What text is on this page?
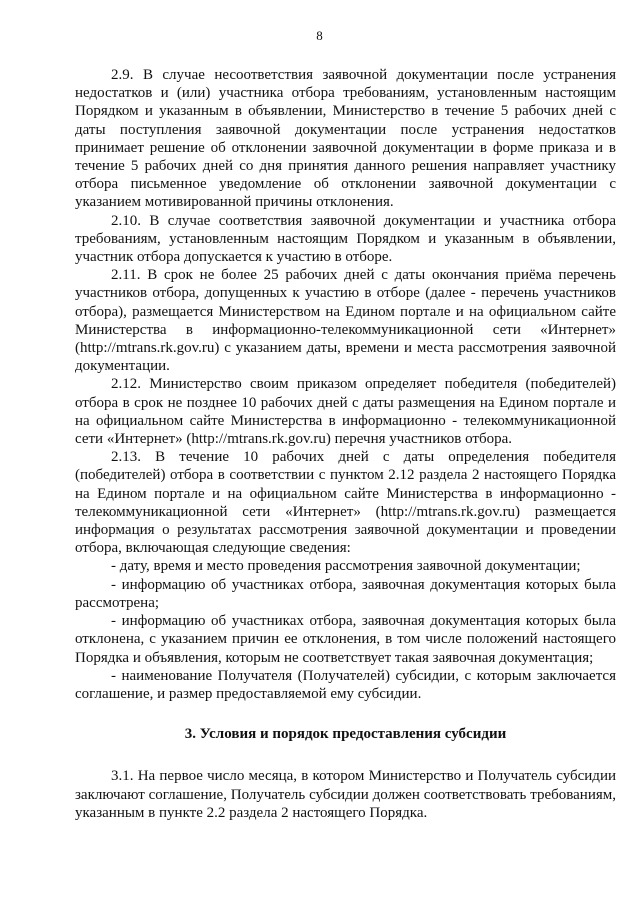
8

2.9. В случае несоответствия заявочной документации после устранения недостатков и (или) участника отбора требованиям, установленным настоящим Порядком и указанным в объявлении, Министерство в течение 5 рабочих дней с даты поступления заявочной документации после устранения недостатков принимает решение об отклонении заявочной документации в форме приказа и в течение 5 рабочих дней со дня принятия данного решения направляет участнику отбора письменное уведомление об отклонении заявочной документации с указанием мотивированной причины отклонения.

2.10. В случае соответствия заявочной документации и участника отбора требованиям, установленным настоящим Порядком и указанным в объявлении, участник отбора допускается к участию в отборе.

2.11. В срок не более 25 рабочих дней с даты окончания приёма перечень участников отбора, допущенных к участию в отборе (далее - перечень участников отбора), размещается Министерством на Едином портале и на официальном сайте Министерства в информационно-телекоммуникационной сети «Интернет» (http://mtrans.rk.gov.ru) с указанием даты, времени и места рассмотрения заявочной документации.

2.12. Министерство своим приказом определяет победителя (победителей) отбора в срок не позднее 10 рабочих дней с даты размещения на Едином портале и на официальном сайте Министерства в информационно - телекоммуникационной сети «Интернет» (http://mtrans.rk.gov.ru) перечня участников отбора.

2.13. В течение 10 рабочих дней с даты определения победителя (победителей) отбора в соответствии с пунктом 2.12 раздела 2 настоящего Порядка на Едином портале и на официальном сайте Министерства в информационно - телекоммуникационной сети «Интернет» (http://mtrans.rk.gov.ru) размещается информация о результатах рассмотрения заявочной документации и проведении отбора, включающая следующие сведения:

- дату, время и место проведения рассмотрения заявочной документации;

- информацию об участниках отбора, заявочная документация которых была рассмотрена;

- информацию об участниках отбора, заявочная документация которых была отклонена, с указанием причин ее отклонения, в том числе положений настоящего Порядка и объявления, которым не соответствует такая заявочная документация;

- наименование Получателя (Получателей) субсидии, с которым заключается соглашение, и размер предоставляемой ему субсидии.

3. Условия и порядок предоставления субсидии

3.1. На первое число месяца, в котором Министерство и Получатель субсидии заключают соглашение, Получатель субсидии должен соответствовать требованиям, указанным в пункте 2.2 раздела 2 настоящего Порядка.
